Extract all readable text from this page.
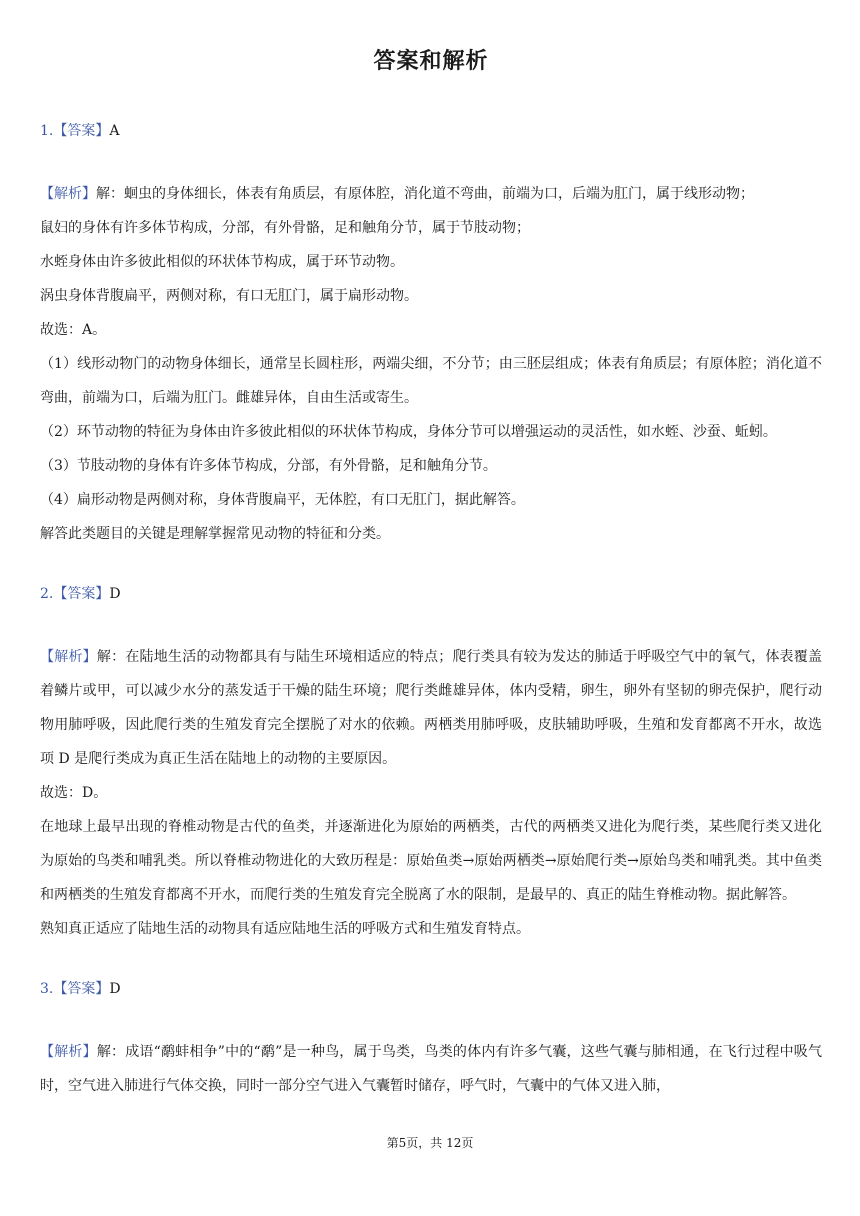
答案和解析

1.【答案】A

【解析】解：蛔虫的身体细长，体表有角质层，有原体腔，消化道不弯曲，前端为口，后端为肛门，属于线形动物；

鼠妇的身体有许多体节构成，分部，有外骨骼，足和触角分节，属于节肢动物；

水蛭身体由许多彼此相似的环状体节构成，属于环节动物。

涡虫身体背腹扁平，两侧对称，有口无肛门，属于扁形动物。

故选：A。

（1）线形动物门的动物身体细长，通常呈长圆柱形，两端尖细，不分节；由三胚层组成；体表有角质层；有原体腔；消化道不弯曲，前端为口，后端为肛门。雌雄异体，自由生活或寄生。

（2）环节动物的特征为身体由许多彼此相似的环状体节构成，身体分节可以增强运动的灵活性，如水蛭、沙蚕、蚯蚓。

（3）节肢动物的身体有许多体节构成，分部，有外骨骼，足和触角分节。

（4）扁形动物是两侧对称，身体背腹扁平，无体腔，有口无肛门，据此解答。

解答此类题目的关键是理解掌握常见动物的特征和分类。

2.【答案】D

【解析】解：在陆地生活的动物都具有与陆生环境相适应的特点；爬行类具有较为发达的肺适于呼吸空气中的氧气，体表覆盖着鳞片或甲，可以减少水分的蒸发适于干燥的陆生环境；爬行类雌雄异体，体内受精，卵生，卵外有坚韧的卵壳保护，爬行动物用肺呼吸，因此爬行类的生殖发育完全摆脱了对水的依赖。两栖类用肺呼吸，皮肤辅助呼吸，生殖和发育都离不开水，故选项 D 是爬行类成为真正生活在陆地上的动物的主要原因。

故选：D。

在地球上最早出现的脊椎动物是古代的鱼类，并逐渐进化为原始的两栖类，古代的两栖类又进化为爬行类，某些爬行类又进化为原始的鸟类和哺乳类。所以脊椎动物进化的大致历程是：原始鱼类→原始两栖类→原始爬行类→原始鸟类和哺乳类。其中鱼类和两栖类的生殖发育都离不开水，而爬行类的生殖发育完全脱离了水的限制，是最早的、真正的陆生脊椎动物。据此解答。

熟知真正适应了陆地生活的动物具有适应陆地生活的呼吸方式和生殖发育特点。

3.【答案】D

【解析】解：成语“鹬蚌相争”中的“鹬”是一种鸟，属于鸟类，鸟类的体内有许多气囊，这些气囊与肺相通，在飞行过程中吸气时，空气进入肺进行气体交换，同时一部分空气进入气囊暂时储存，呼气时，气囊中的气体又进入肺，

第5页，共 12页
